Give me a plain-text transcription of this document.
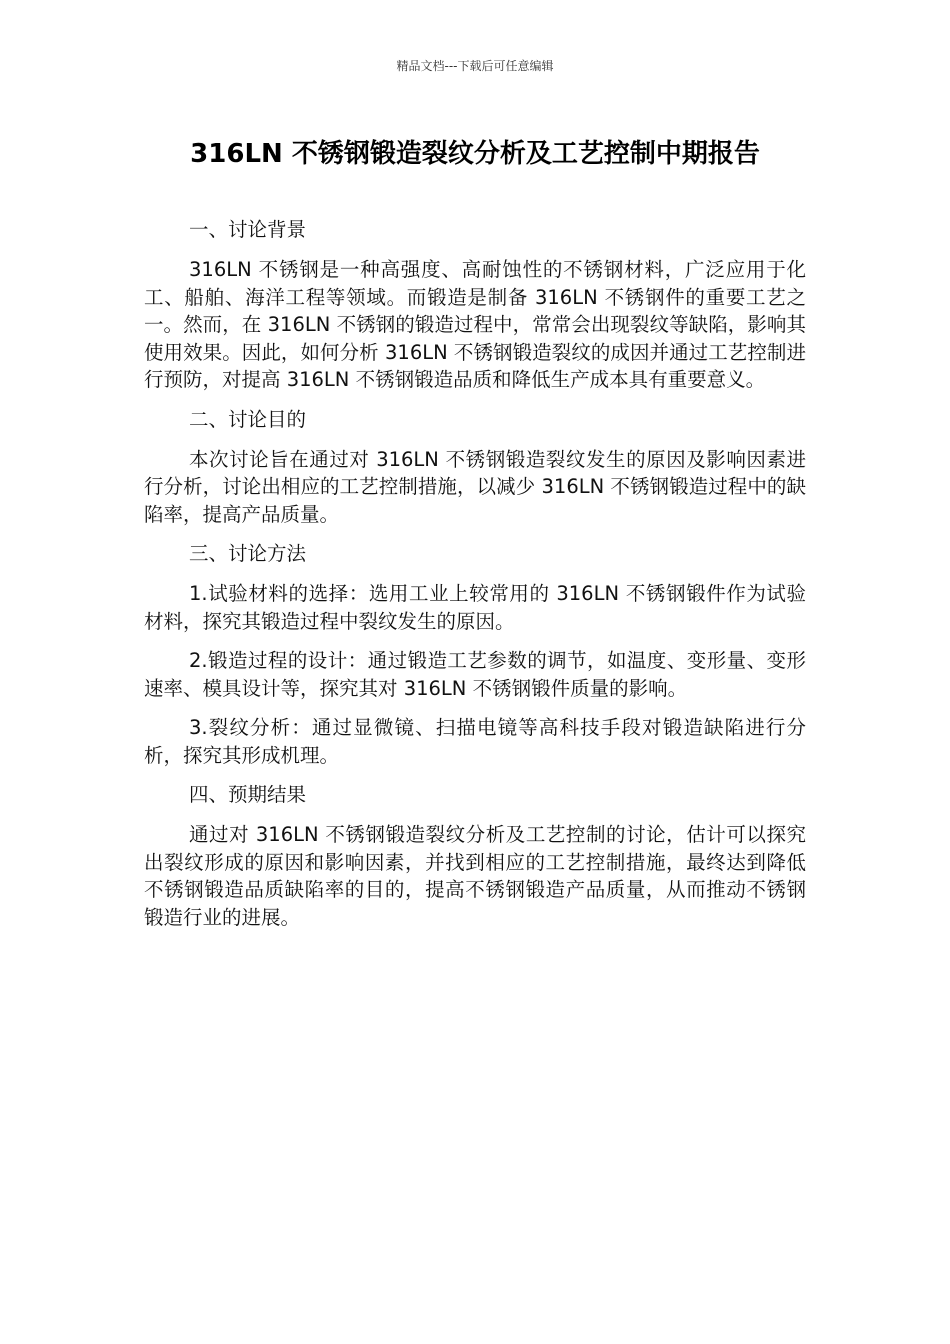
精品文档---下载后可任意编辑
316LN 不锈钢锻造裂纹分析及工艺控制中期报告

一、讨论背景

316LN 不锈钢是一种高强度、高耐蚀性的不锈钢材料，广泛应用于化工、船舶、海洋工程等领域。而锻造是制备 316LN 不锈钢件的重要工艺之一。然而，在 316LN 不锈钢的锻造过程中，常常会出现裂纹等缺陷，影响其使用效果。因此，如何分析 316LN 不锈钢锻造裂纹的成因并通过工艺控制进行预防，对提高 316LN 不锈钢锻造品质和降低生产成本具有重要意义。

二、讨论目的

本次讨论旨在通过对 316LN 不锈钢锻造裂纹发生的原因及影响因素进行分析，讨论出相应的工艺控制措施，以减少 316LN 不锈钢锻造过程中的缺陷率，提高产品质量。

三、讨论方法

1.试验材料的选择：选用工业上较常用的 316LN 不锈钢锻件作为试验材料，探究其锻造过程中裂纹发生的原因。

2.锻造过程的设计：通过锻造工艺参数的调节，如温度、变形量、变形速率、模具设计等，探究其对 316LN 不锈钢锻件质量的影响。

3.裂纹分析：通过显微镜、扫描电镜等高科技手段对锻造缺陷进行分析，探究其形成机理。

四、预期结果

通过对 316LN 不锈钢锻造裂纹分析及工艺控制的讨论，估计可以探究出裂纹形成的原因和影响因素，并找到相应的工艺控制措施，最终达到降低不锈钢锻造品质缺陷率的目的，提高不锈钢锻造产品质量，从而推动不锈钢锻造行业的进展。
